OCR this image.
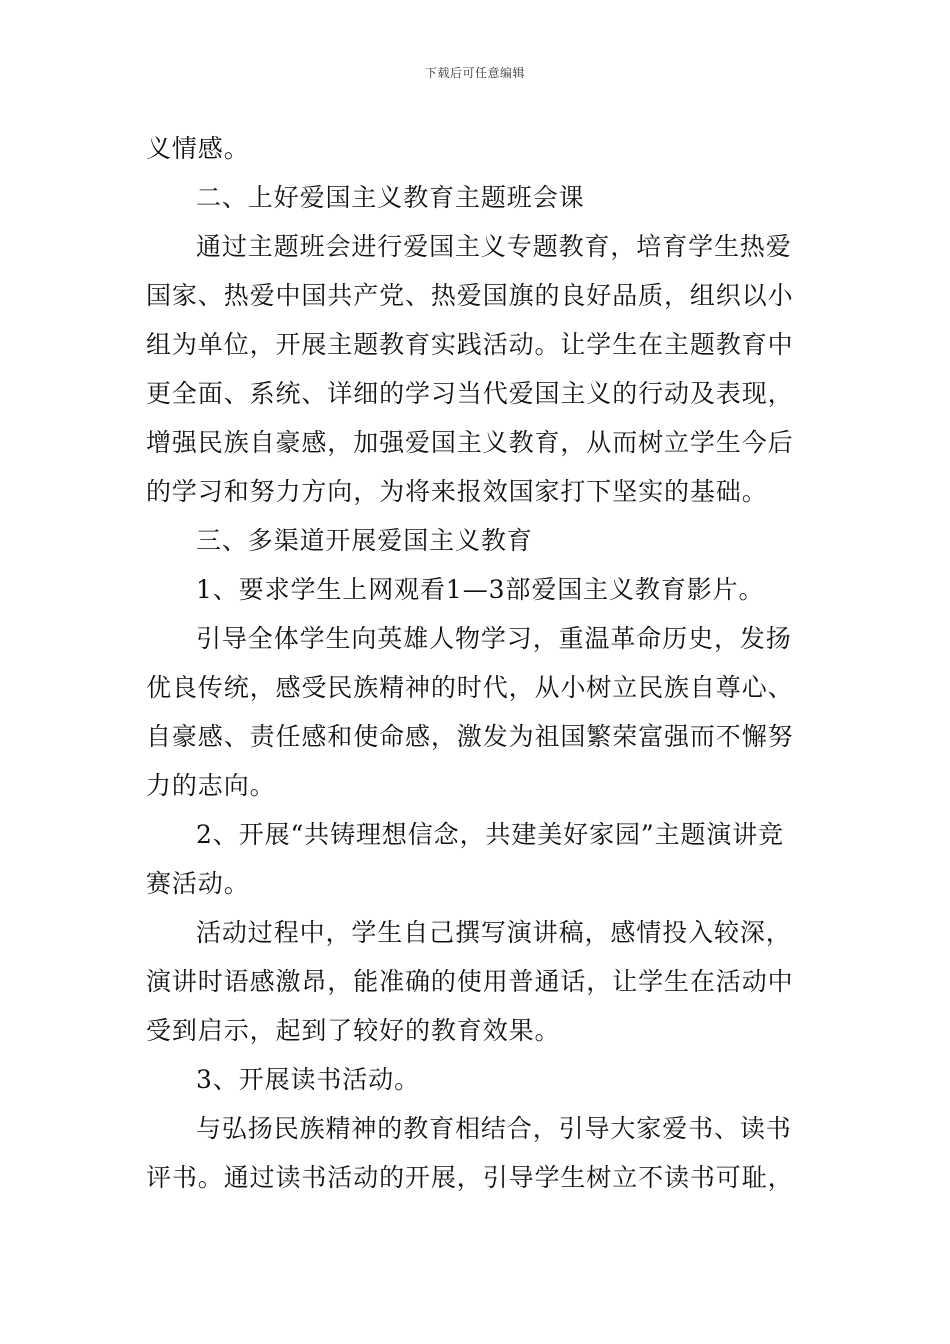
下载后可任意编辑
义情感。
二、上好爱国主义教育主题班会课
通过主题班会进行爱国主义专题教育，培育学生热爱
国家、热爱中国共产党、热爱国旗的良好品质，组织以小
组为单位，开展主题教育实践活动。让学生在主题教育中
更全面、系统、详细的学习当代爱国主义的行动及表现，
增强民族自豪感，加强爱国主义教育，从而树立学生今后
的学习和努力方向，为将来报效国家打下坚实的基础。
三、多渠道开展爱国主义教育
1、要求学生上网观看1—3部爱国主义教育影片。
引导全体学生向英雄人物学习，重温革命历史，发扬
优良传统，感受民族精神的时代，从小树立民族自尊心、
自豪感、责任感和使命感，激发为祖国繁荣富强而不懈努
力的志向。
2、开展“共铸理想信念，共建美好家园”主题演讲竞
赛活动。
活动过程中，学生自己撰写演讲稿，感情投入较深，
演讲时语感激昂，能准确的使用普通话，让学生在活动中
受到启示，起到了较好的教育效果。
3、开展读书活动。
与弘扬民族精神的教育相结合，引导大家爱书、读书
评书。通过读书活动的开展，引导学生树立不读书可耻，
